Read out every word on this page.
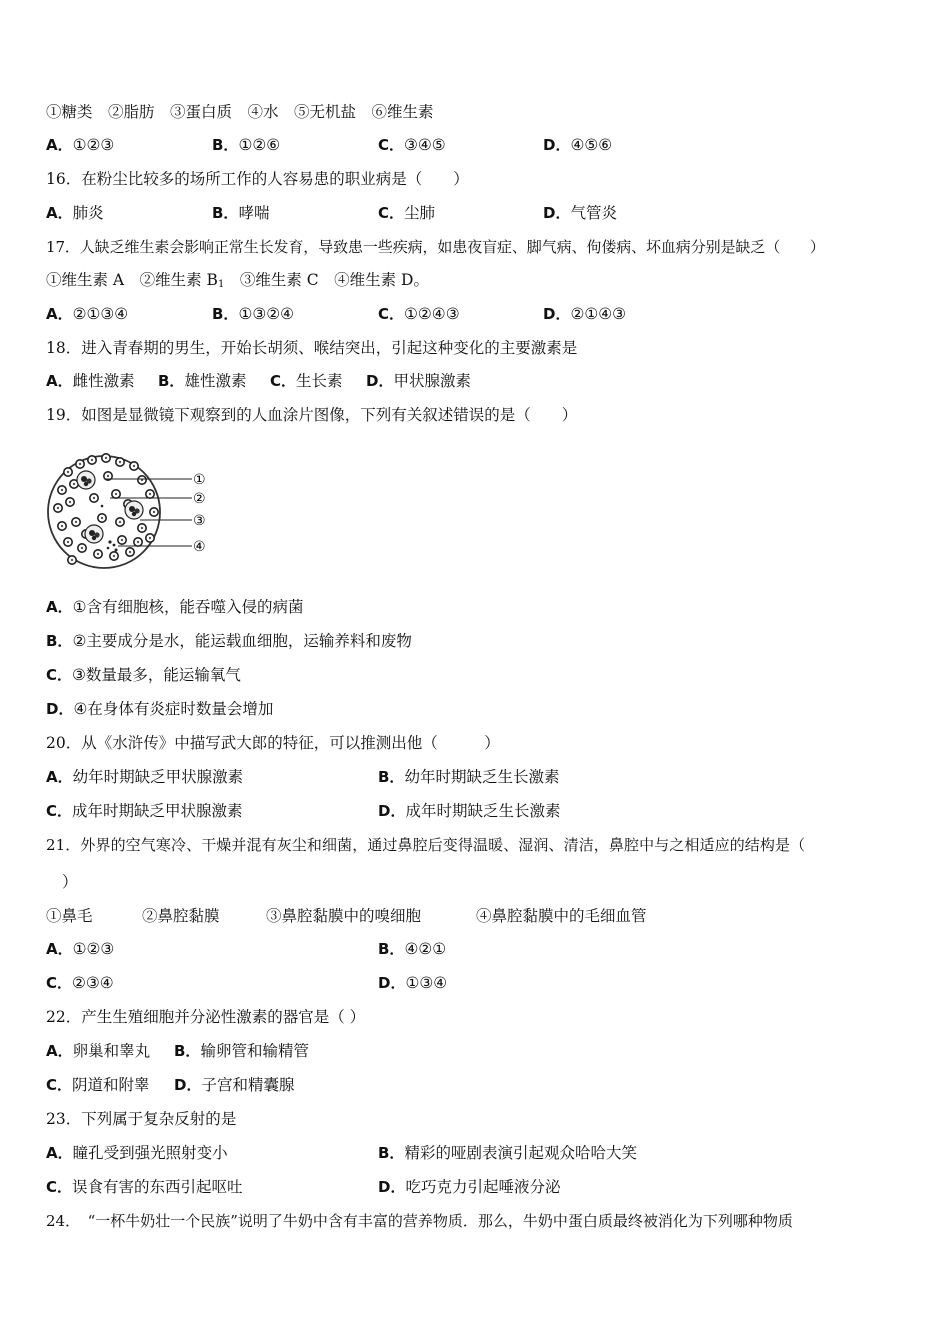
①糖类　②脂肪　③蛋白质　④水　⑤无机盐　⑥维生素
A．①②③	B．①②⑥	C．③④⑤	D．④⑤⑥
16．在粉尘比较多的场所工作的人容易患的职业病是（　　）
A．肺炎	B．哮喘	C．尘肺	D．气管炎
17．人缺乏维生素会影响正常生长发育，导致患一些疾病，如患夜盲症、脚气病、佝偻病、坏血病分别是缺乏（　　）
①维生素 A　②维生素 $B_1$　③维生素 C　④维生素 D。
A．②①③④	B．①③②④	C．①②④③	D．②①④③
18．进入青春期的男生，开始长胡须、喉结突出，引起这种变化的主要激素是
A．雌性激素 B．雄性激素 C．生长素 D．甲状腺激素
19．如图是显微镜下观察到的人血涂片图像，下列有关叙述错误的是（　　）
①
②
③
④
A．①含有细胞核，能吞噬入侵的病菌
B．②主要成分是水，能运载血细胞，运输养料和废物
C．③数量最多，能运输氧气
D．④在身体有炎症时数量会增加
20．从《水浒传》中描写武大郎的特征，可以推测出他（　　　）
A．幼年时期缺乏甲状腺激素	B．幼年时期缺乏生长激素
C．成年时期缺乏甲状腺激素	D．成年时期缺乏生长激素
21．外界的空气寒冷、干燥并混有灰尘和细菌，通过鼻腔后变得温暖、湿润、清洁，鼻腔中与之相适应的结构是（
）
①鼻毛	②鼻腔黏膜	③鼻腔黏膜中的嗅细胞	④鼻腔黏膜中的毛细血管
A．①②③	B．④②①
C．②③④	D．①③④
22．产生生殖细胞并分泌性激素的器官是（ ）
A．卵巢和睾丸 B．输卵管和输精管
C．阴道和附睾 D．子宫和精囊腺
23．下列属于复杂反射的是
A．瞳孔受到强光照射变小	B．精彩的哑剧表演引起观众哈哈大笑
C．误食有害的东西引起呕吐	D．吃巧克力引起唾液分泌
24．　“一杯牛奶壮一个民族”说明了牛奶中含有丰富的营养物质．那么，牛奶中蛋白质最终被消化为下列哪种物质
